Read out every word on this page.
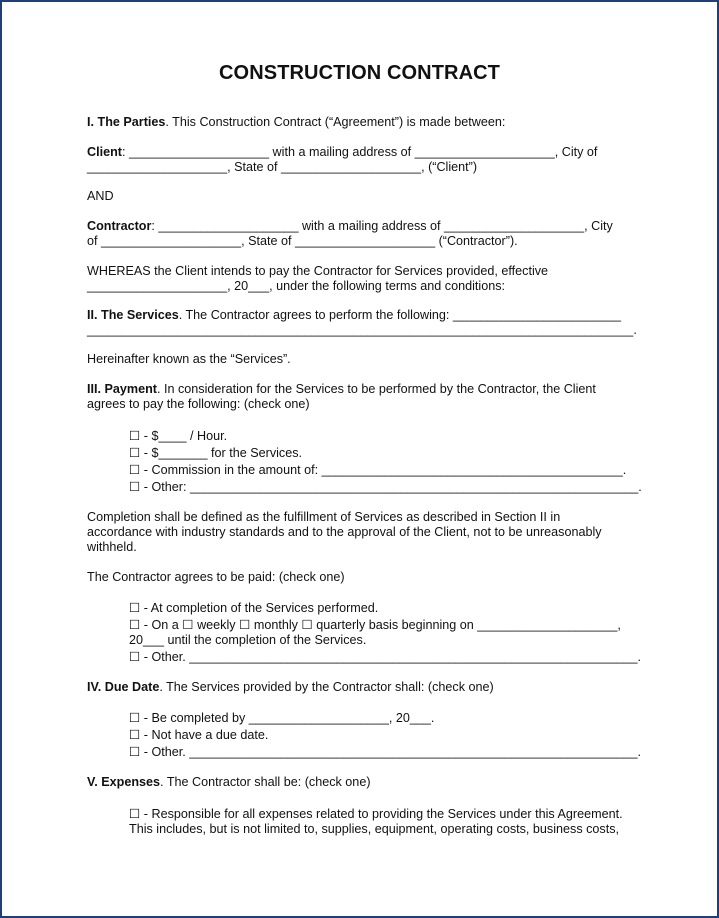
CONSTRUCTION CONTRACT
I. The Parties. This Construction Contract (“Agreement”) is made between:
Client: ____________________ with a mailing address of ____________________, City of
____________________, State of ____________________, (“Client”)
AND
Contractor: ____________________ with a mailing address of ____________________, City
of ____________________, State of ____________________ (“Contractor”).
WHEREAS the Client intends to pay the Contractor for Services provided, effective
____________________, 20___, under the following terms and conditions:
II. The Services. The Contractor agrees to perform the following: ________________________
______________________________________________________________________________.
Hereinafter known as the “Services”.
III. Payment. In consideration for the Services to be performed by the Contractor, the Client
agrees to pay the following: (check one)
☐ - $____ / Hour.
☐ - $_______ for the Services.
☐ - Commission in the amount of: ___________________________________________.
☐ - Other: ________________________________________________________________.
Completion shall be defined as the fulfillment of Services as described in Section II in
accordance with industry standards and to the approval of the Client, not to be unreasonably
withheld.
The Contractor agrees to be paid: (check one)
☐ - At completion of the Services performed.
☐ - On a ☐ weekly ☐ monthly ☐ quarterly basis beginning on ____________________,
20___ until the completion of the Services.
☐ - Other. ________________________________________________________________.
IV. Due Date. The Services provided by the Contractor shall: (check one)
☐ - Be completed by ____________________, 20___.
☐ - Not have a due date.
☐ - Other. ________________________________________________________________.
V. Expenses. The Contractor shall be: (check one)
☐ - Responsible for all expenses related to providing the Services under this Agreement.
This includes, but is not limited to, supplies, equipment, operating costs, business costs,
